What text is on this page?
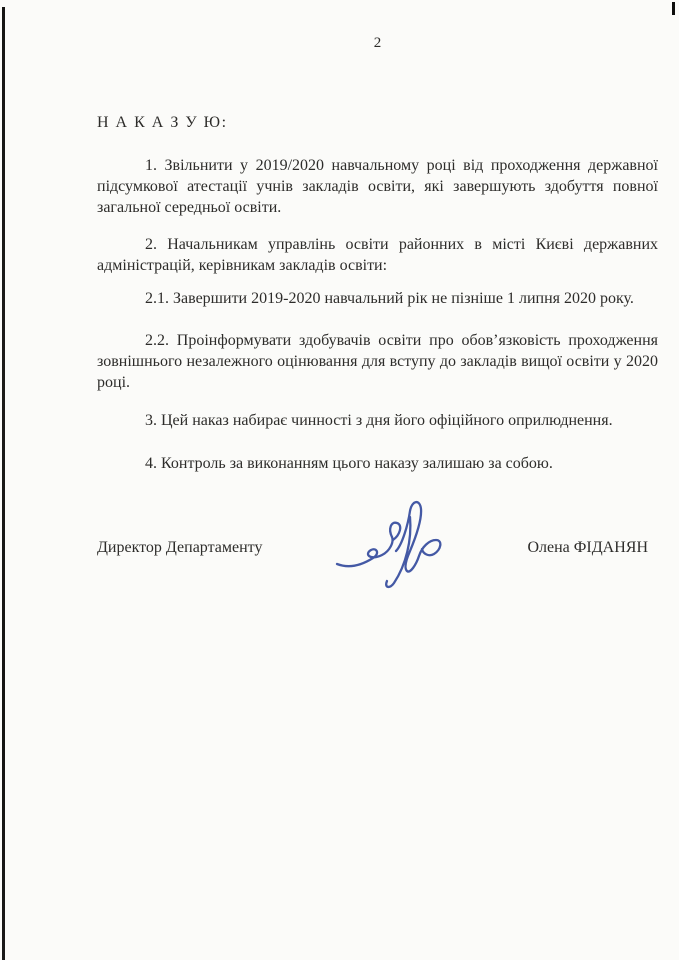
2
Н А К А З У Ю:

1. Звільнити у 2019/2020 навчальному році від проходження державної підсумкової атестації учнів закладів освіти, які завершують здобуття повної загальної середньої освіти.

2. Начальникам управлінь освіти районних в місті Києві державних адміністрацій, керівникам закладів освіти:

2.1. Завершити 2019-2020 навчальний рік не пізніше 1 липня 2020 року.

2.2. Проінформувати здобувачів освіти про обов’язковість проходження зовнішнього незалежного оцінювання для вступу до закладів вищої освіти у 2020 році.

3. Цей наказ набирає чинності з дня його офіційного оприлюднення.

4. Контроль за виконанням цього наказу залишаю за собою.

Директор Департаменту	Олена ФІДАНЯН
